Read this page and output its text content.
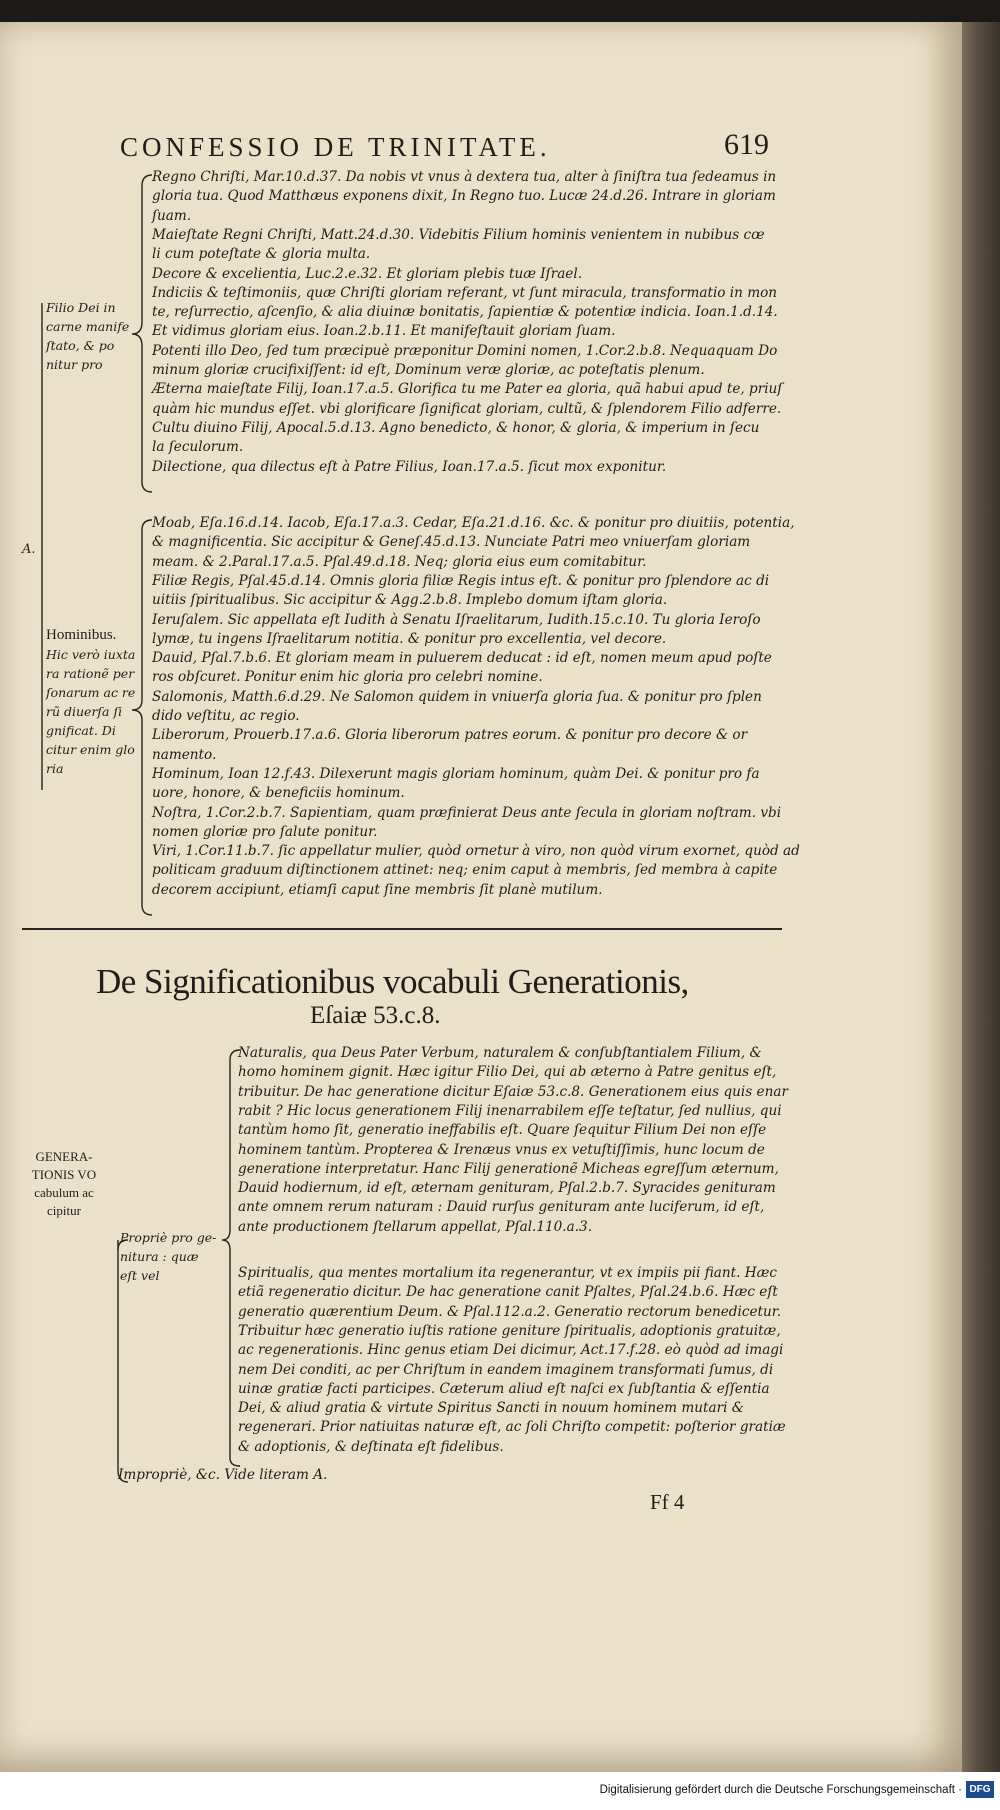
CONFESSIO DE TRINITATE.	619
Filio Dei in
carne manife
ſtato, & po
nitur pro
A.
Hominibus.
Hic verò iuxta
ra rationẽ per
ſonarum ac re
rũ diuerſa ſi
gnificat. Di
citur enim glo
ria
Regno Chriſti, Mar.10.d.37. Da nobis vt vnus à dextera tua, alter à ſiniſtra tua ſedeamus in
gloria tua. Quod Matthæus exponens dixit, In Regno tuo. Lucæ 24.d.26. Intrare in gloriam
ſuam.
Maieſtate Regni Chriſti, Matt.24.d.30. Videbitis Filium hominis venientem in nubibus cœ
li cum poteſtate & gloria multa.
Decore & excelientia, Luc.2.e.32. Et gloriam plebis tuæ Iſrael.
Indiciis & teſtimoniis, quæ Chriſti gloriam referant, vt ſunt miracula, transformatio in mon
te, reſurrectio, aſcenſio, & alia diuinæ bonitatis, ſapientiæ & potentiæ indicia. Ioan.1.d.14.
Et vidimus gloriam eius. Ioan.2.b.11. Et manifeſtauit gloriam ſuam.
Potenti illo Deo, ſed tum præcipuè præponitur Domini nomen, 1.Cor.2.b.8. Nequaquam Do
minum gloriæ crucifixiſſent: id eſt, Dominum veræ gloriæ, ac poteſtatis plenum.
Æterna maieſtate Filij, Ioan.17.a.5. Glorifica tu me Pater ea gloria, quã habui apud te, priuſ
quàm hic mundus eſſet. vbi glorificare ſignificat gloriam, cultũ, & ſplendorem Filio adferre.
Cultu diuino Filij, Apocal.5.d.13. Agno benedicto, & honor, & gloria, & imperium in ſecu
la ſeculorum.
Dilectione, qua dilectus eſt à Patre Filius, Ioan.17.a.5. ſicut mox exponitur.
Moab, Eſa.16.d.14. Iacob, Eſa.17.a.3. Cedar, Eſa.21.d.16. &c. & ponitur pro diuitiis, potentia,
& magnificentia. Sic accipitur & Geneſ.45.d.13. Nunciate Patri meo vniuerſam gloriam
meam. & 2.Paral.17.a.5. Pſal.49.d.18. Neq; gloria eius eum comitabitur.
Filiæ Regis, Pſal.45.d.14. Omnis gloria filiæ Regis intus eſt. & ponitur pro ſplendore ac di
uitiis ſpiritualibus. Sic accipitur & Agg.2.b.8. Implebo domum iſtam gloria.
Ieruſalem. Sic appellata eſt Iudith à Senatu Iſraelitarum, Iudith.15.c.10. Tu gloria Ieroſo
lymæ, tu ingens Iſraelitarum notitia. & ponitur pro excellentia, vel decore.
Dauid, Pſal.7.b.6. Et gloriam meam in puluerem deducat : id eſt, nomen meum apud poſte
ros obſcuret. Ponitur enim hic gloria pro celebri nomine.
Salomonis, Matth.6.d.29. Ne Salomon quidem in vniuerſa gloria ſua. & ponitur pro ſplen
dido veſtitu, ac regio.
Liberorum, Prouerb.17.a.6. Gloria liberorum patres eorum. & ponitur pro decore & or
namento.
Hominum, Ioan 12.f.43. Dilexerunt magis gloriam hominum, quàm Dei. & ponitur pro fa
uore, honore, & beneficiis hominum.
Noſtra, 1.Cor.2.b.7. Sapientiam, quam præfinierat Deus ante ſecula in gloriam noſtram. vbi
nomen gloriæ pro ſalute ponitur.
Viri, 1.Cor.11.b.7. ſic appellatur mulier, quòd ornetur à viro, non quòd virum exornet, quòd ad
politicam graduum diſtinctionem attinet: neq; enim caput à membris, ſed membra à capite
decorem accipiunt, etiamſi caput ſine membris ſit planè mutilum.
De Significationibus vocabuli Generationis,
Eſaiæ 53.c.8.
GENERA-
TIONIS VO
cabulum ac
cipitur
Propriè pro ge-
nitura : quæ
eſt vel
Naturalis, qua Deus Pater Verbum, naturalem & conſubſtantialem Filium, &
homo hominem gignit. Hæc igitur Filio Dei, qui ab æterno à Patre genitus eſt,
tribuitur. De hac generatione dicitur Eſaiæ 53.c.8. Generationem eius quis enar
rabit ? Hic locus generationem Filij inenarrabilem eſſe teſtatur, ſed nullius, qui
tantùm homo ſit, generatio ineffabilis eſt. Quare ſequitur Filium Dei non eſſe
hominem tantùm. Propterea & Irenæus vnus ex vetuſtiſſimis, hunc locum de
generatione interpretatur. Hanc Filij generationẽ Micheas egreſſum æternum,
Dauid hodiernum, id eſt, æternam genituram, Pſal.2.b.7. Syracides genituram
ante omnem rerum naturam : Dauid rurſus genituram ante luciferum, id eſt,
ante productionem ſtellarum appellat, Pſal.110.a.3.
Spiritualis, qua mentes mortalium ita regenerantur, vt ex impiis pii fiant. Hæc
etiã regeneratio dicitur. De hac generatione canit Pſaltes, Pſal.24.b.6. Hæc eſt
generatio quærentium Deum. & Pſal.112.a.2. Generatio rectorum benedicetur.
Tribuitur hæc generatio iuſtis ratione geniture ſpiritualis, adoptionis gratuitæ,
ac regenerationis. Hinc genus etiam Dei dicimur, Act.17.f.28. eò quòd ad imagi
nem Dei conditi, ac per Chriſtum in eandem imaginem transformati ſumus, di
uinæ gratiæ facti participes. Cæterum aliud eſt naſci ex ſubſtantia & eſſentia
Dei, & aliud gratia & virtute Spiritus Sancti in nouum hominem mutari &
regenerari. Prior natiuitas naturæ eſt, ac ſoli Chriſto competit: poſterior gratiæ
& adoptionis, & deſtinata eſt fidelibus.
Impropriè, &c. Vide literam A.
Ff 4
Digitalisierung gefördert durch die Deutsche Forschungsgemeinschaft · DFG
